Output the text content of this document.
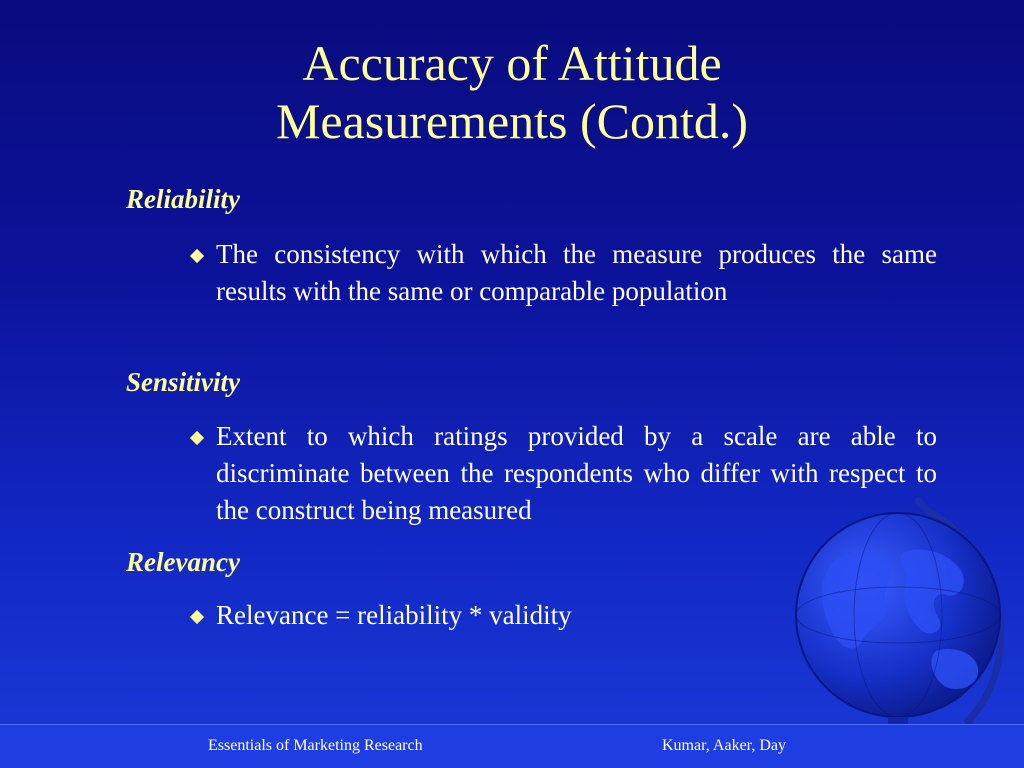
Accuracy of Attitude
Measurements (Contd.)
Reliability
The consistency with which the measure produces the same results with the same or comparable population
Sensitivity
Extent to which ratings provided by a scale are able to discriminate between the respondents who differ with respect to the construct being measured
Relevancy
Relevance = reliability * validity
Essentials of Marketing Research	Kumar, Aaker, Day
